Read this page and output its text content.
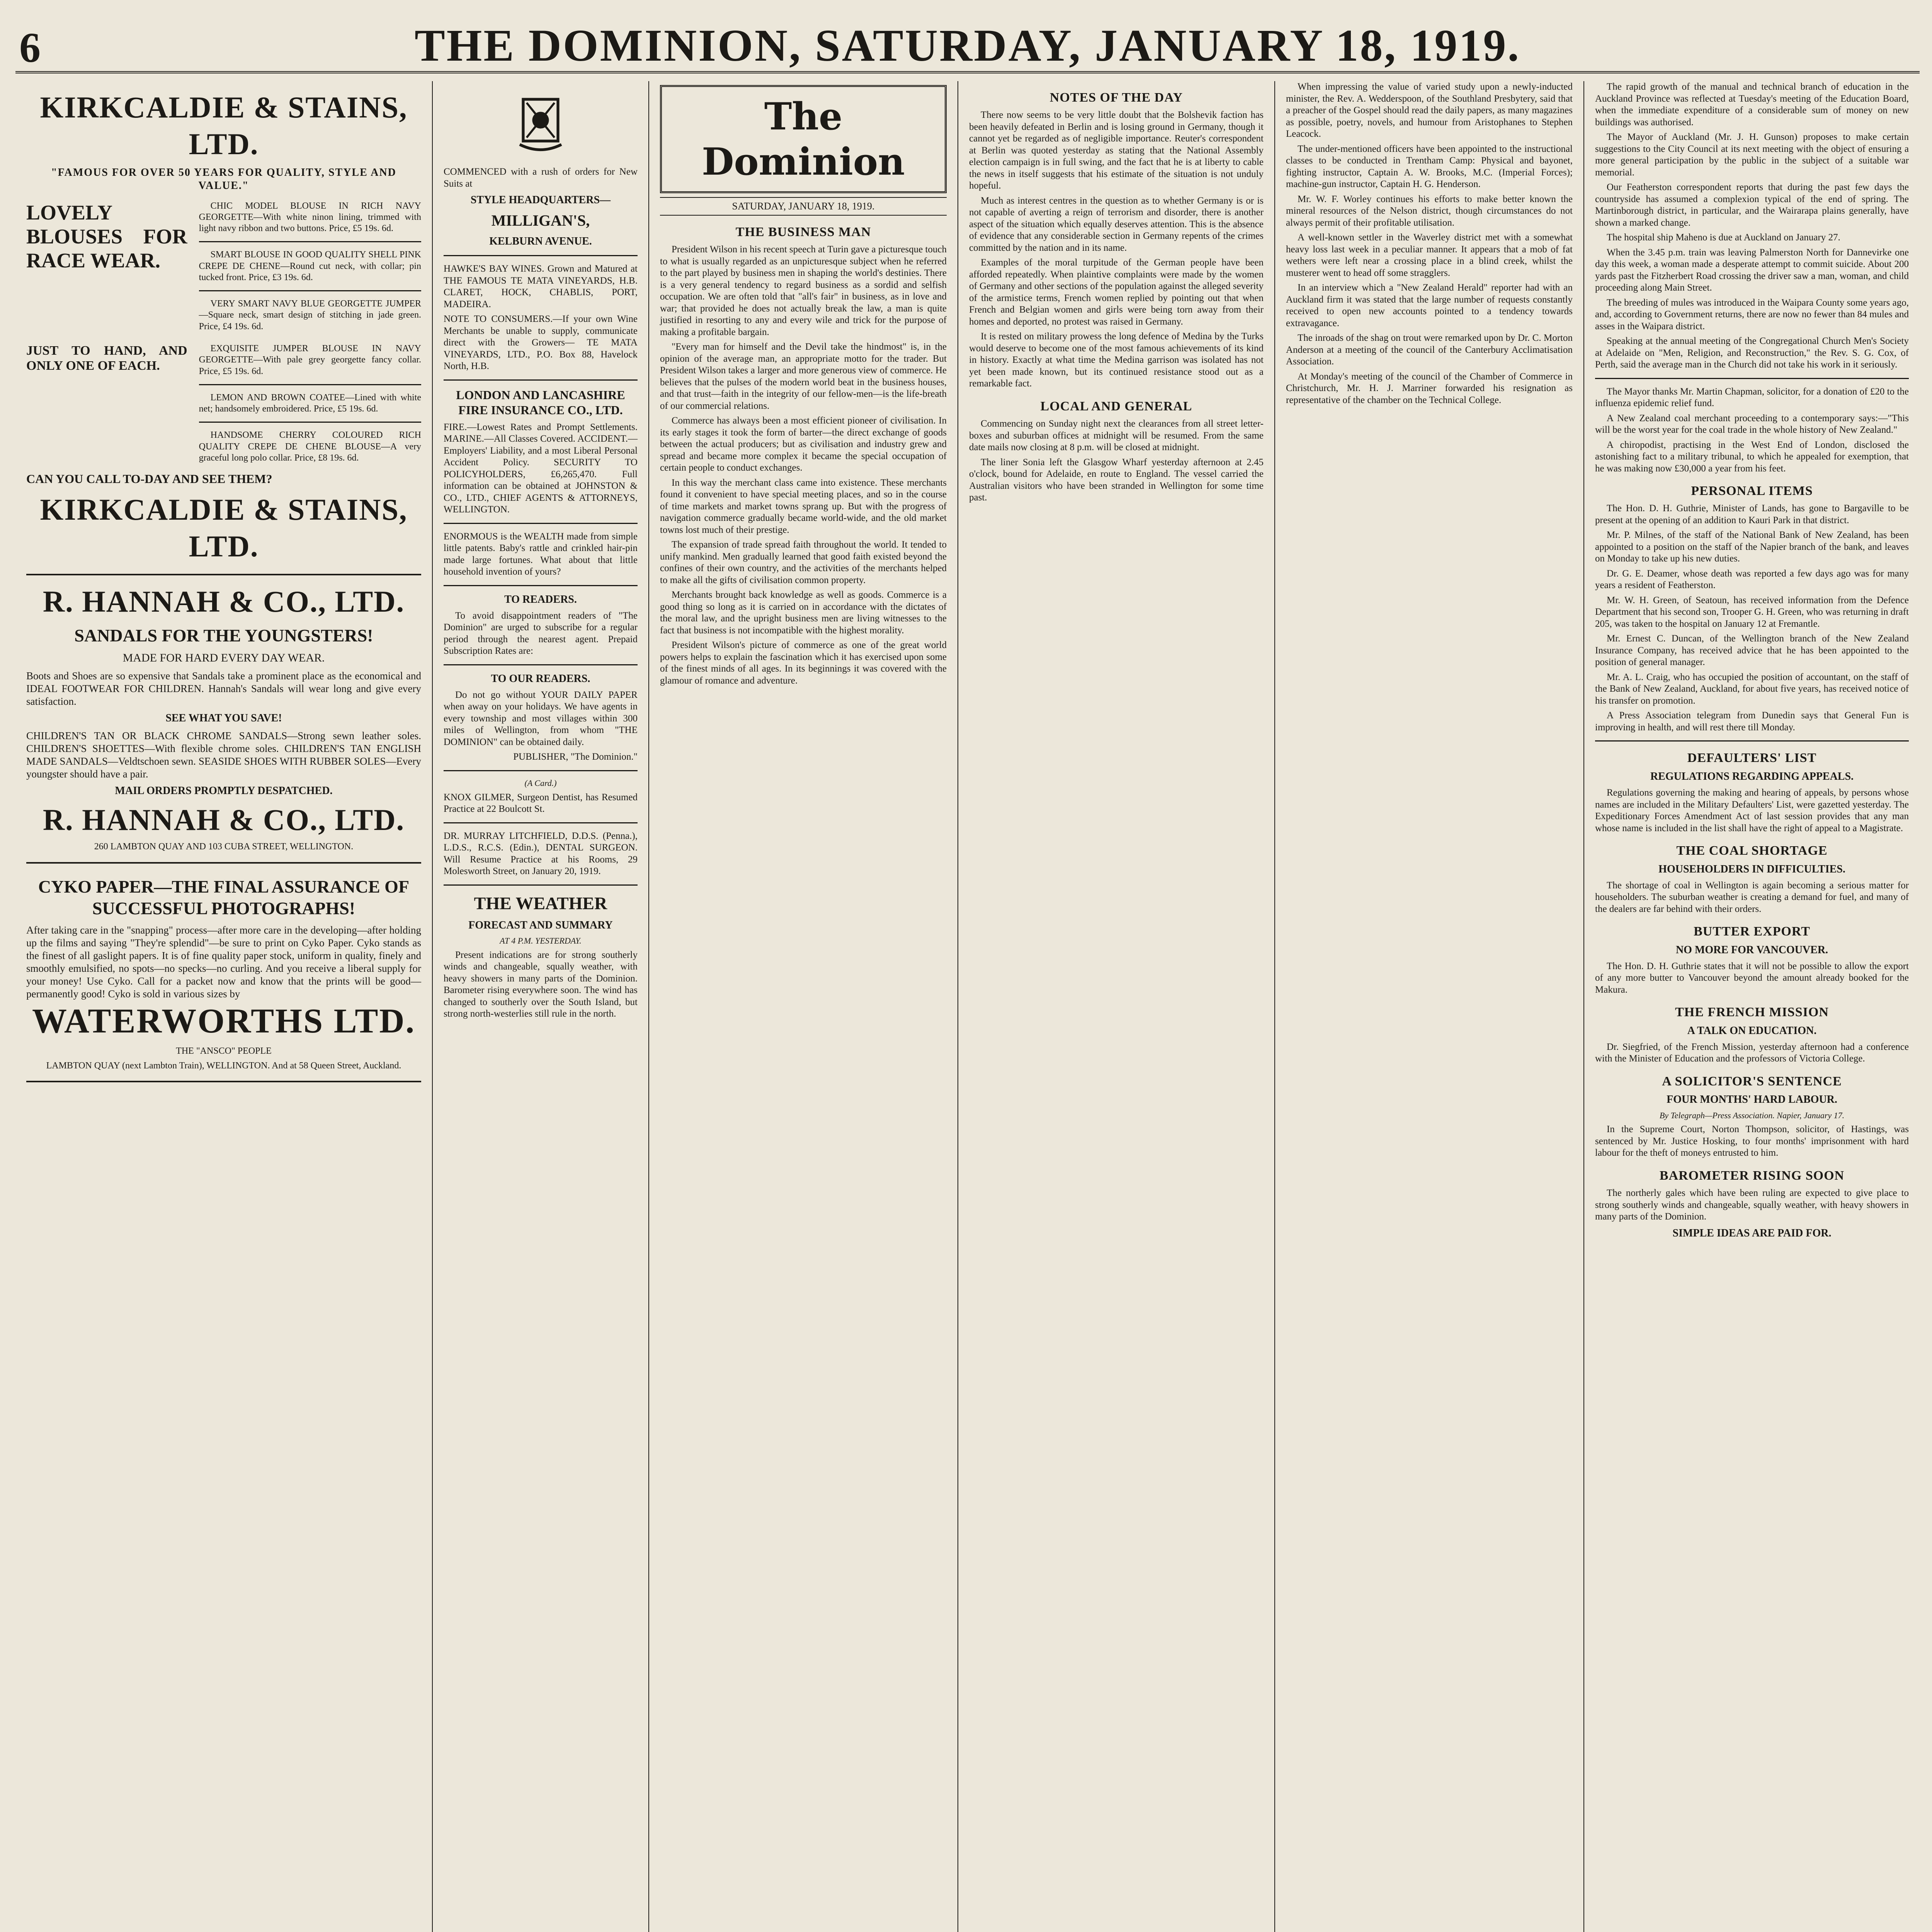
6	THE DOMINION, SATURDAY, JANUARY 18, 1919.
KIRKCALDIE & STAINS, LTD.
"FAMOUS FOR OVER 50 YEARS FOR QUALITY, STYLE AND VALUE."
LOVELY BLOUSES FOR RACE WEAR.

CHIC MODEL BLOUSE IN RICH NAVY GEORGETTE—With white ninon lining, trimmed with light navy ribbon and two buttons. Price, £5 19s. 6d.

SMART BLOUSE IN GOOD QUALITY SHELL PINK CREPE DE CHENE—Round cut neck, with collar; pin tucked front. Price, £3 19s. 6d.

VERY SMART NAVY BLUE GEORGETTE JUMPER—Square neck, smart design of stitching in jade green. Price, £4 19s. 6d.

JUST TO HAND, AND ONLY ONE OF EACH.

EXQUISITE JUMPER BLOUSE IN NAVY GEORGETTE—With pale grey georgette fancy collar. Price, £5 19s. 6d.

LEMON AND BROWN COATEE—Lined with white net; handsomely embroidered. Price, £5 19s. 6d.

HANDSOME CHERRY COLOURED RICH QUALITY CREPE DE CHENE BLOUSE—A very graceful long polo collar. Price, £8 19s. 6d.

CAN YOU CALL TO-DAY AND SEE THEM?
KIRKCALDIE & STAINS, LTD.
R. HANNAH & CO., LTD.
SANDALS FOR THE YOUNGSTERS!
MADE FOR HARD EVERY DAY WEAR.
Boots and Shoes are so expensive that Sandals take a prominent place as the economical and IDEAL FOOTWEAR FOR CHILDREN. Hannah's Sandals will wear long and give every satisfaction.
SEE WHAT YOU SAVE!
CHILDREN'S TAN OR BLACK CHROME SANDALS—Strong sewn leather soles. CHILDREN'S SHOETTES—With flexible chrome soles. CHILDREN'S TAN ENGLISH MADE SANDALS—Veldtschoen sewn. SEASIDE SHOES WITH RUBBER SOLES—Every youngster should have a pair.
MAIL ORDERS PROMPTLY DESPATCHED.
R. HANNAH & CO., LTD.
260 LAMBTON QUAY AND 103 CUBA STREET, WELLINGTON.
CYKO PAPER—THE FINAL ASSURANCE OF SUCCESSFUL PHOTOGRAPHS!
After taking care in the "snapping" process—after more care in the developing—after holding up the films and saying "They're splendid"—be sure to print on Cyko Paper. Cyko stands as the finest of all gaslight papers. It is of fine quality paper stock, uniform in quality, finely and smoothly emulsified, no spots—no specks—no curling. And you receive a liberal supply for your money! Use Cyko. Call for a packet now and know that the prints will be good—permanently good! Cyko is sold in various sizes by
WATERWORTHS LTD.
THE "ANSCO" PEOPLE
LAMBTON QUAY (next Lambton Train), WELLINGTON. And at 58 Queen Street, Auckland.

COMMENCED with a rush of orders for New Suits at

STYLE HEADQUARTERS—
MILLIGAN'S,
KELBURN AVENUE.

HAWKE'S BAY WINES. Grown and Matured at THE FAMOUS TE MATA VINEYARDS, H.B. CLARET, HOCK, CHABLIS, PORT, MADEIRA.

NOTE TO CONSUMERS.—If your own Wine Merchants be unable to supply, communicate direct with the Growers— TE MATA VINEYARDS, LTD., P.O. Box 88, Havelock North, H.B.

LONDON AND LANCASHIRE FIRE INSURANCE CO., LTD.

FIRE.—Lowest Rates and Prompt Settlements. MARINE.—All Classes Covered. ACCIDENT.—Employers' Liability, and a most Liberal Personal Accident Policy. SECURITY TO POLICYHOLDERS, £6,265,470. Full information can be obtained at JOHNSTON & CO., LTD., CHIEF AGENTS & ATTORNEYS, WELLINGTON.

ENORMOUS is the WEALTH made from simple little patents. Baby's rattle and crinkled hair-pin made large fortunes. What about that little household invention of yours?

TO READERS.

To avoid disappointment readers of "The Dominion" are urged to subscribe for a regular period through the nearest agent. Prepaid Subscription Rates are:

TO OUR READERS.

Do not go without YOUR DAILY PAPER when away on your holidays. We have agents in every township and most villages within 300 miles of Wellington, from whom "THE DOMINION" can be obtained daily.

PUBLISHER, "The Dominion."

(A Card.)

KNOX GILMER, Surgeon Dentist, has Resumed Practice at 22 Boulcott St.

DR. MURRAY LITCHFIELD, D.D.S. (Penna.), L.D.S., R.C.S. (Edin.), DENTAL SURGEON. Will Resume Practice at his Rooms, 29 Molesworth Street, on January 20, 1919.

THE WEATHER
FORECAST AND SUMMARY
AT 4 P.M. YESTERDAY.

Present indications are for strong southerly winds and changeable, squally weather, with heavy showers in many parts of the Dominion. Barometer rising everywhere soon. The wind has changed to southerly over the South Island, but strong north-westerlies still rule in the north.

The Dominion
SATURDAY, JANUARY 18, 1919.
THE BUSINESS MAN

President Wilson in his recent speech at Turin gave a picturesque touch to what is usually regarded as an unpicturesque subject when he referred to the part played by business men in shaping the world's destinies. There is a very general tendency to regard business as a sordid and selfish occupation. We are often told that "all's fair" in business, as in love and war; that provided he does not actually break the law, a man is quite justified in resorting to any and every wile and trick for the purpose of making a profitable bargain.

"Every man for himself and the Devil take the hindmost" is, in the opinion of the average man, an appropriate motto for the trader. But President Wilson takes a larger and more generous view of commerce. He believes that the pulses of the modern world beat in the business houses, and that trust—faith in the integrity of our fellow-men—is the life-breath of our commercial relations.

Commerce has always been a most efficient pioneer of civilisation. In its early stages it took the form of barter—the direct exchange of goods between the actual producers; but as civilisation and industry grew and spread and became more complex it became the special occupation of certain people to conduct exchanges.

In this way the merchant class came into existence. These merchants found it convenient to have special meeting places, and so in the course of time markets and market towns sprang up. But with the progress of navigation commerce gradually became world-wide, and the old market towns lost much of their prestige.

The expansion of trade spread faith throughout the world. It tended to unify mankind. Men gradually learned that good faith existed beyond the confines of their own country, and the activities of the merchants helped to make all the gifts of civilisation common property.

Merchants brought back knowledge as well as goods. Commerce is a good thing so long as it is carried on in accordance with the dictates of the moral law, and the upright business men are living witnesses to the fact that business is not incompatible with the highest morality.

President Wilson's picture of commerce as one of the great world powers helps to explain the fascination which it has exercised upon some of the finest minds of all ages. In its beginnings it was covered with the glamour of romance and adventure.

NOTES OF THE DAY

There now seems to be very little doubt that the Bolshevik faction has been heavily defeated in Berlin and is losing ground in Germany, though it cannot yet be regarded as of negligible importance. Reuter's correspondent at Berlin was quoted yesterday as stating that the National Assembly election campaign is in full swing, and the fact that he is at liberty to cable the news in itself suggests that his estimate of the situation is not unduly hopeful.

Much as interest centres in the question as to whether Germany is or is not capable of averting a reign of terrorism and disorder, there is another aspect of the situation which equally deserves attention. This is the absence of evidence that any considerable section in Germany repents of the crimes committed by the nation and in its name.

Examples of the moral turpitude of the German people have been afforded repeatedly. When plaintive complaints were made by the women of Germany and other sections of the population against the alleged severity of the armistice terms, French women replied by pointing out that when French and Belgian women and girls were being torn away from their homes and deported, no protest was raised in Germany.

It is rested on military prowess the long defence of Medina by the Turks would deserve to become one of the most famous achievements of its kind in history. Exactly at what time the Medina garrison was isolated has not yet been made known, but its continued resistance stood out as a remarkable fact.

LOCAL AND GENERAL

Commencing on Sunday night next the clearances from all street letter-boxes and suburban offices at midnight will be resumed. From the same date mails now closing at 8 p.m. will be closed at midnight.

The liner Sonia left the Glasgow Wharf yesterday afternoon at 2.45 o'clock, bound for Adelaide, en route to England. The vessel carried the Australian visitors who have been stranded in Wellington for some time past.

When impressing the value of varied study upon a newly-inducted minister, the Rev. A. Wedderspoon, of the Southland Presbytery, said that a preacher of the Gospel should read the daily papers, as many magazines as possible, poetry, novels, and humour from Aristophanes to Stephen Leacock.

The under-mentioned officers have been appointed to the instructional classes to be conducted in Trentham Camp: Physical and bayonet, fighting instructor, Captain A. W. Brooks, M.C. (Imperial Forces); machine-gun instructor, Captain H. G. Henderson.

Mr. W. F. Worley continues his efforts to make better known the mineral resources of the Nelson district, though circumstances do not always permit of their profitable utilisation.

A well-known settler in the Waverley district met with a somewhat heavy loss last week in a peculiar manner. It appears that a mob of fat wethers were left near a crossing place in a blind creek, whilst the musterer went to head off some stragglers.

In an interview which a "New Zealand Herald" reporter had with an Auckland firm it was stated that the large number of requests constantly received to open new accounts pointed to a tendency towards extravagance.

The inroads of the shag on trout were remarked upon by Dr. C. Morton Anderson at a meeting of the council of the Canterbury Acclimatisation Association.

At Monday's meeting of the council of the Chamber of Commerce in Christchurch, Mr. H. J. Marriner forwarded his resignation as representative of the chamber on the Technical College.

The rapid growth of the manual and technical branch of education in the Auckland Province was reflected at Tuesday's meeting of the Education Board, when the immediate expenditure of a considerable sum of money on new buildings was authorised.

The Mayor of Auckland (Mr. J. H. Gunson) proposes to make certain suggestions to the City Council at its next meeting with the object of ensuring a more general participation by the public in the subject of a suitable war memorial.

Our Featherston correspondent reports that during the past few days the countryside has assumed a complexion typical of the end of spring. The Martinborough district, in particular, and the Wairarapa plains generally, have shown a marked change.

The hospital ship Maheno is due at Auckland on January 27.

When the 3.45 p.m. train was leaving Palmerston North for Dannevirke one day this week, a woman made a desperate attempt to commit suicide. About 200 yards past the Fitzherbert Road crossing the driver saw a man, woman, and child proceeding along Main Street.

The breeding of mules was introduced in the Waipara County some years ago, and, according to Government returns, there are now no fewer than 84 mules and asses in the Waipara district.

Speaking at the annual meeting of the Congregational Church Men's Society at Adelaide on "Men, Religion, and Reconstruction," the Rev. S. G. Cox, of Perth, said the average man in the Church did not take his work in it seriously.

The Mayor thanks Mr. Martin Chapman, solicitor, for a donation of £20 to the influenza epidemic relief fund.

A New Zealand coal merchant proceeding to a contemporary says:—"This will be the worst year for the coal trade in the whole history of New Zealand."

A chiropodist, practising in the West End of London, disclosed the astonishing fact to a military tribunal, to which he appealed for exemption, that he was making now £30,000 a year from his feet.

PERSONAL ITEMS

The Hon. D. H. Guthrie, Minister of Lands, has gone to Bargaville to be present at the opening of an addition to Kauri Park in that district.

Mr. P. Milnes, of the staff of the National Bank of New Zealand, has been appointed to a position on the staff of the Napier branch of the bank, and leaves on Monday to take up his new duties.

Dr. G. E. Deamer, whose death was reported a few days ago was for many years a resident of Featherston.

Mr. W. H. Green, of Seatoun, has received information from the Defence Department that his second son, Trooper G. H. Green, who was returning in draft 205, was taken to the hospital on January 12 at Fremantle.

Mr. Ernest C. Duncan, of the Wellington branch of the New Zealand Insurance Company, has received advice that he has been appointed to the position of general manager.

Mr. A. L. Craig, who has occupied the position of accountant, on the staff of the Bank of New Zealand, Auckland, for about five years, has received notice of his transfer on promotion.

A Press Association telegram from Dunedin says that General Fun is improving in health, and will rest there till Monday.

DEFAULTERS' LIST
REGULATIONS REGARDING APPEALS.

Regulations governing the making and hearing of appeals, by persons whose names are included in the Military Defaulters' List, were gazetted yesterday. The Expeditionary Forces Amendment Act of last session provides that any man whose name is included in the list shall have the right of appeal to a Magistrate.

THE COAL SHORTAGE
HOUSEHOLDERS IN DIFFICULTIES.

The shortage of coal in Wellington is again becoming a serious matter for householders. The suburban weather is creating a demand for fuel, and many of the dealers are far behind with their orders.

BUTTER EXPORT
NO MORE FOR VANCOUVER.

The Hon. D. H. Guthrie states that it will not be possible to allow the export of any more butter to Vancouver beyond the amount already booked for the Makura.

THE FRENCH MISSION
A TALK ON EDUCATION.

Dr. Siegfried, of the French Mission, yesterday afternoon had a conference with the Minister of Education and the professors of Victoria College.

A SOLICITOR'S SENTENCE
FOUR MONTHS' HARD LABOUR.
By Telegraph—Press Association. Napier, January 17.

In the Supreme Court, Norton Thompson, solicitor, of Hastings, was sentenced by Mr. Justice Hosking, to four months' imprisonment with hard labour for the theft of moneys entrusted to him.

BAROMETER RISING SOON

The northerly gales which have been ruling are expected to give place to strong southerly winds and changeable, squally weather, with heavy showers in many parts of the Dominion.

SIMPLE IDEAS ARE PAID FOR.
